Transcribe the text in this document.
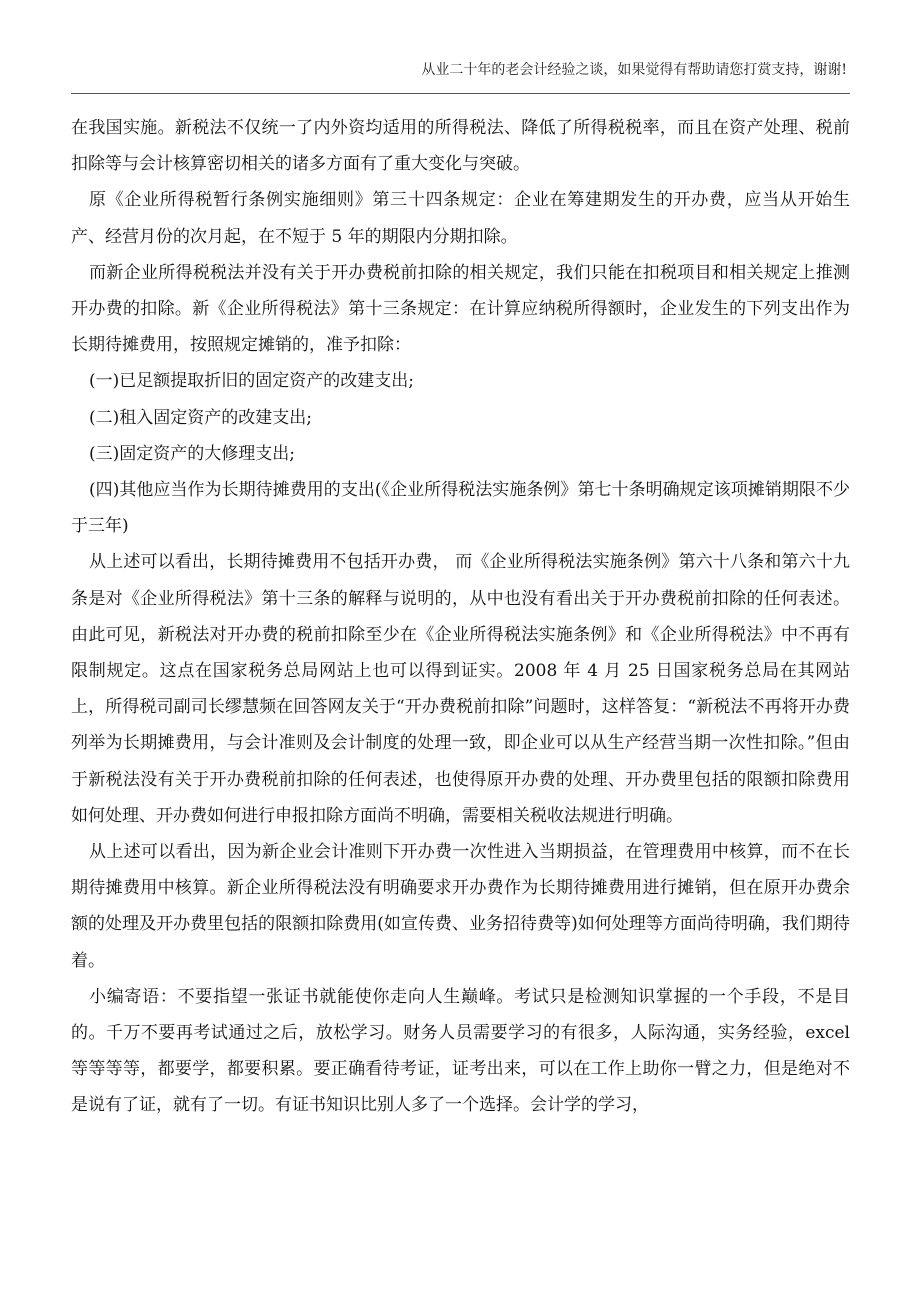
从业二十年的老会计经验之谈，如果觉得有帮助请您打赏支持，谢谢!

在我国实施。新税法不仅统一了内外资均适用的所得税法、降低了所得税税率，而且在资产处理、税前扣除等与会计核算密切相关的诸多方面有了重大变化与突破。

原《企业所得税暂行条例实施细则》第三十四条规定：企业在筹建期发生的开办费，应当从开始生产、经营月份的次月起，在不短于 5 年的期限内分期扣除。

而新企业所得税税法并没有关于开办费税前扣除的相关规定，我们只能在扣税项目和相关规定上推测开办费的扣除。新《企业所得税法》第十三条规定：在计算应纳税所得额时，企业发生的下列支出作为长期待摊费用，按照规定摊销的，准予扣除：

(一)已足额提取折旧的固定资产的改建支出;

(二)租入固定资产的改建支出;

(三)固定资产的大修理支出;

(四)其他应当作为长期待摊费用的支出(《企业所得税法实施条例》第七十条明确规定该项摊销期限不少于三年)

从上述可以看出，长期待摊费用不包括开办费， 而《企业所得税法实施条例》第六十八条和第六十九条是对《企业所得税法》第十三条的解释与说明的，从中也没有看出关于开办费税前扣除的任何表述。由此可见，新税法对开办费的税前扣除至少在《企业所得税法实施条例》和《企业所得税法》中不再有限制规定。这点在国家税务总局网站上也可以得到证实。2008 年 4 月 25 日国家税务总局在其网站上，所得税司副司长缪慧频在回答网友关于“开办费税前扣除”问题时，这样答复：“新税法不再将开办费列举为长期摊费用，与会计准则及会计制度的处理一致，即企业可以从生产经营当期一次性扣除。”但由于新税法没有关于开办费税前扣除的任何表述，也使得原开办费的处理、开办费里包括的限额扣除费用如何处理、开办费如何进行申报扣除方面尚不明确，需要相关税收法规进行明确。

从上述可以看出，因为新企业会计准则下开办费一次性进入当期损益，在管理费用中核算，而不在长期待摊费用中核算。新企业所得税法没有明确要求开办费作为长期待摊费用进行摊销，但在原开办费余额的处理及开办费里包括的限额扣除费用(如宣传费、业务招待费等)如何处理等方面尚待明确，我们期待着。

小编寄语：不要指望一张证书就能使你走向人生巅峰。考试只是检测知识掌握的一个手段，不是目的。千万不要再考试通过之后，放松学习。财务人员需要学习的有很多，人际沟通，实务经验，excel 等等等等，都要学，都要积累。要正确看待考证，证考出来，可以在工作上助你一臂之力，但是绝对不是说有了证，就有了一切。有证书知识比别人多了一个选择。会计学的学习，
